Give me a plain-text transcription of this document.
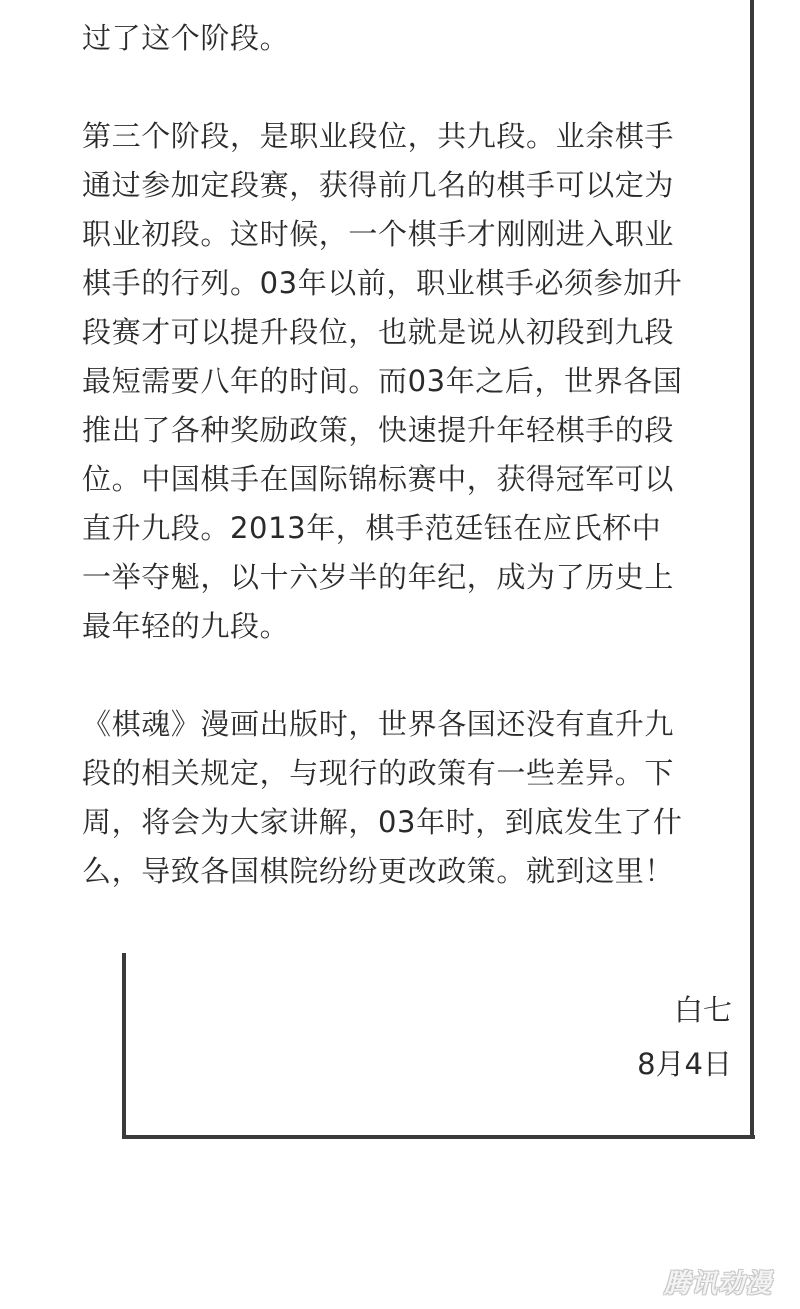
过了这个阶段。

第三个阶段，是职业段位，共九段。业余棋手
通过参加定段赛，获得前几名的棋手可以定为
职业初段。这时候，一个棋手才刚刚进入职业
棋手的行列。03年以前，职业棋手必须参加升
段赛才可以提升段位，也就是说从初段到九段
最短需要八年的时间。而03年之后，世界各国
推出了各种奖励政策，快速提升年轻棋手的段
位。中国棋手在国际锦标赛中，获得冠军可以
直升九段。2013年，棋手范廷钰在应氏杯中
一举夺魁，以十六岁半的年纪，成为了历史上
最年轻的九段。

《棋魂》漫画出版时，世界各国还没有直升九
段的相关规定，与现行的政策有一些差异。下
周，将会为大家讲解，03年时，到底发生了什
么，导致各国棋院纷纷更改政策。就到这里！

白七
8月4日
腾讯动漫
